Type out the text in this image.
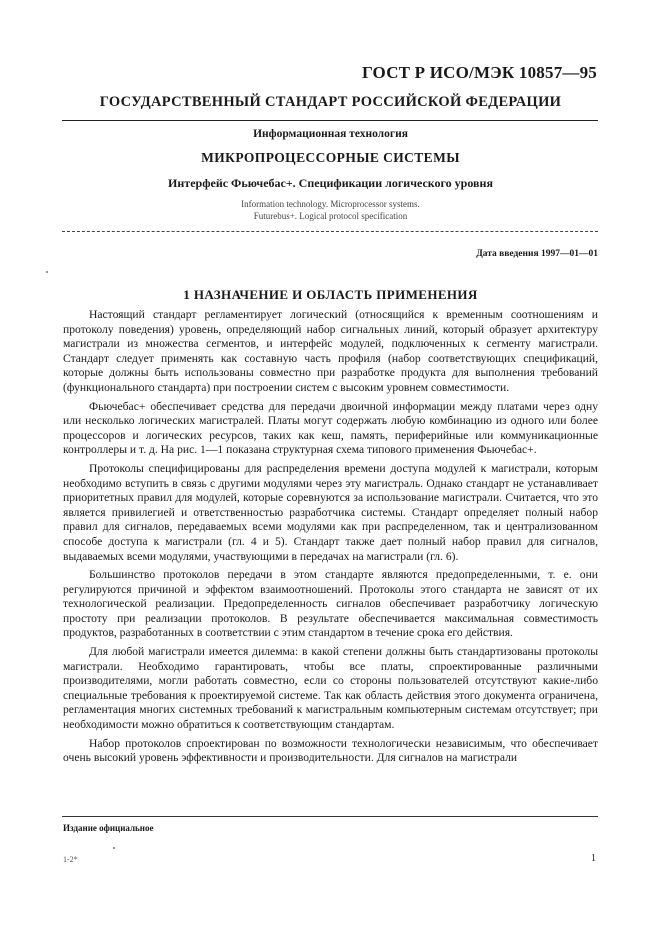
ГОСТ Р ИСО/МЭК 10857—95
ГОСУДАРСТВЕННЫЙ СТАНДАРТ РОССИЙСКОЙ ФЕДЕРАЦИИ
Информационная технология
МИКРОПРОЦЕССОРНЫЕ СИСТЕМЫ
Интерфейс Фьючебас+. Спецификации логического уровня
Information technology. Microprocessor systems.
Futurebus+. Logical protocol specification
Дата введения 1997—01—01
1 НАЗНАЧЕНИЕ И ОБЛАСТЬ ПРИМЕНЕНИЯ

Настоящий стандарт регламентирует логический (относящийся к временным соотношениям и протоколу поведения) уровень, определяющий набор сигнальных линий, который образует архитектуру магистрали из множества сегментов, и интерфейс модулей, подключенных к сегменту магистрали. Стандарт следует применять как составную часть профиля (набор соответствующих спецификаций, которые должны быть использованы совместно при разработке продукта для выполнения требований (функционального стандарта) при построении систем с высоким уровнем совместимости.

Фьючебас+ обеспечивает средства для передачи двоичной информации между платами через одну или несколько логических магистралей. Платы могут содержать любую комбинацию из одного или более процессоров и логических ресурсов, таких как кеш, память, периферийные или коммуникационные контроллеры и т. д. На рис. 1—1 показана структурная схема типового применения Фьючебас+.

Протоколы специфицированы для распределения времени доступа модулей к магистрали, которым необходимо вступить в связь с другими модулями через эту магистраль. Однако стандарт не устанавливает приоритетных правил для модулей, которые соревнуются за использование магистрали. Считается, что это является привилегией и ответственностью разработчика системы. Стандарт определяет полный набор правил для сигналов, передаваемых всеми модулями как при распределенном, так и централизованном способе доступа к магистрали (гл. 4 и 5). Стандарт также дает полный набор правил для сигналов, выдаваемых всеми модулями, участвующими в передачах на магистрали (гл. 6).

Большинство протоколов передачи в этом стандарте являются предопределенными, т. е. они регулируются причиной и эффектом взаимоотношений. Протоколы этого стандарта не зависят от их технологической реализации. Предопределенность сигналов обеспечивает разработчику логическую простоту при реализации протоколов. В результате обеспечивается максимальная совместимость продуктов, разработанных в соответствии с этим стандартом в течение срока его действия.

Для любой магистрали имеется дилемма: в какой степени должны быть стандартизованы протоколы магистрали. Необходимо гарантировать, чтобы все платы, спроектированные различными производителями, могли работать совместно, если со стороны пользователей отсутствуют какие-либо специальные требования к проектируемой системе. Так как область действия этого документа ограничена, регламентация многих системных требований к магистральным компьютерным системам отсутствует; при необходимости можно обратиться к соответствующим стандартам.

Набор протоколов спроектирован по возможности технологически независимым, что обеспечивает очень высокий уровень эффективности и производительности. Для сигналов на магистрали

Издание официальное
1-2*	1
